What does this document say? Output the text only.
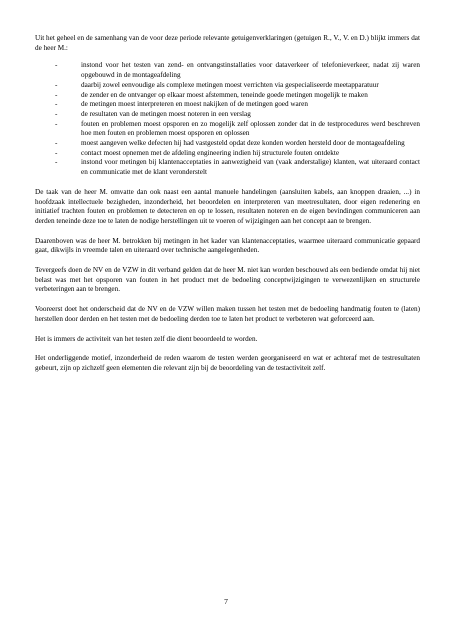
Uit het geheel en de samenhang van de voor deze periode relevante getuigenverklaringen (getuigen R., V., V. en D.) blijkt immers dat de heer M.:

-	instond voor het testen van zend- en ontvangstinstallaties voor dataverkeer of telefonieverkeer, nadat zij waren opgebouwd in de montageafdeling
-	daarbij zowel eenvoudige als complexe metingen moest verrichten via gespecialiseerde meetapparatuur
-	de zender en de ontvanger op elkaar moest afstemmen, teneinde goede metingen mogelijk te maken
-	de metingen moest interpreteren en moest nakijken of de metingen goed waren
-	de resultaten van de metingen moest noteren in een verslag
-	fouten en problemen moest opsporen en zo mogelijk zelf oplossen zonder dat in de testprocedures werd beschreven hoe men fouten en problemen moest opsporen en oplossen
-	moest aangeven welke defecten hij had vastgesteld opdat deze konden worden hersteld door de montageafdeling
-	contact moest opnemen met de afdeling engineering indien hij structurele fouten ontdekte
-	instond voor metingen bij klantenacceptaties in aanwezigheid van (vaak anderstalige) klanten, wat uiteraard contact en communicatie met de klant veronderstelt

De taak van de heer M. omvatte dan ook naast een aantal manuele handelingen (aansluiten kabels, aan knoppen draaien, ...) in hoofdzaak intellectuele bezigheden, inzonderheid, het beoordelen en interpreteren van meetresultaten, door eigen redenering en initiatief trachten fouten en problemen te detecteren en op te lossen, resultaten noteren en de eigen bevindingen communiceren aan derden teneinde deze toe te laten de nodige herstellingen uit te voeren of wijzigingen aan het concept aan te brengen.

Daarenboven was de heer M. betrokken bij metingen in het kader van klantenacceptaties, waarmee uiteraard communicatie gepaard gaat, dikwijls in vreemde talen en uiteraard over technische aangelegenheden.

Tevergeefs doen de NV en de VZW in dit verband gelden dat de heer M. niet kan worden beschouwd als een bediende omdat hij niet belast was met het opsporen van fouten in het product met de bedoeling conceptwijzigingen te verwezenlijken en structurele verbeteringen aan te brengen.

Vooreerst doet het onderscheid dat de NV en de VZW willen maken tussen het testen met de bedoeling handmatig fouten te (laten) herstellen door derden en het testen met de bedoeling derden toe te laten het product te verbeteren wat geforceerd aan.

Het is immers de activiteit van het testen zelf die dient beoordeeld te worden.

Het onderliggende motief, inzonderheid de reden waarom de testen werden georganiseerd en wat er achteraf met de testresultaten gebeurt, zijn op zichzelf geen elementen die relevant zijn bij de beoordeling van de testactiviteit zelf.

7
